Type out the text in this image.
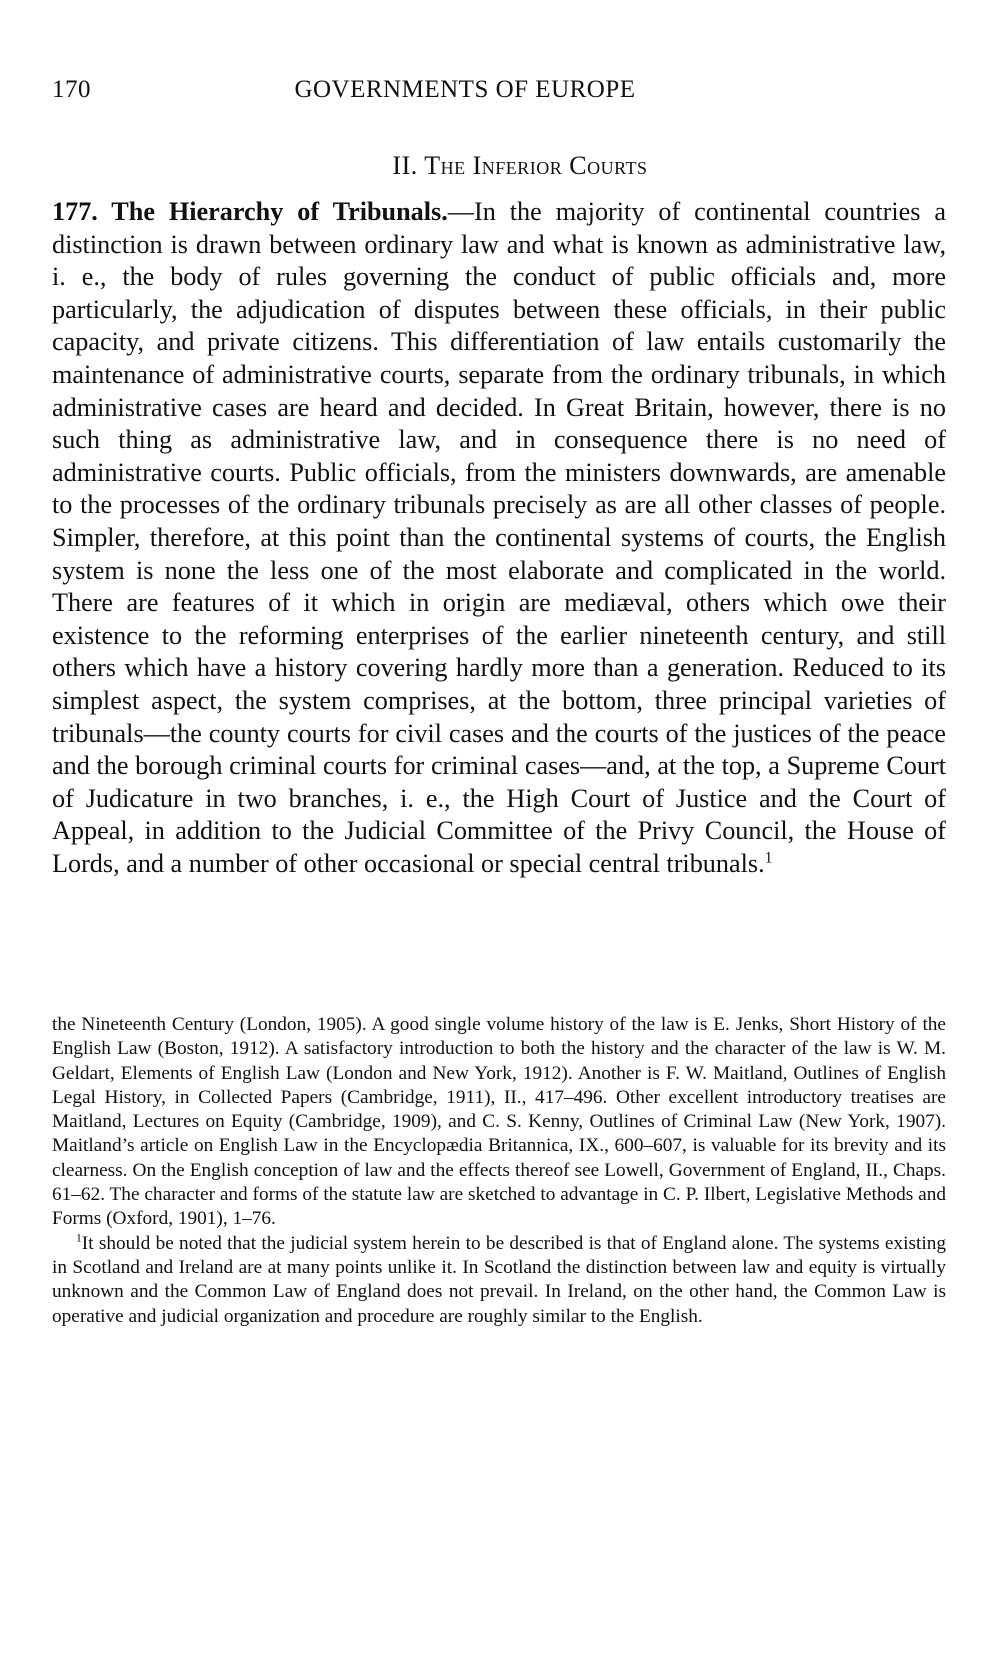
170	GOVERNMENTS OF EUROPE
II. The Inferior Courts

177. The Hierarchy of Tribunals.—In the majority of continental countries a distinction is drawn between ordinary law and what is known as administrative law, i. e., the body of rules governing the conduct of public officials and, more particularly, the adjudication of disputes between these officials, in their public capacity, and private citizens. This differentiation of law entails customarily the maintenance of administrative courts, separate from the ordinary tribunals, in which administrative cases are heard and decided. In Great Britain, however, there is no such thing as administrative law, and in consequence there is no need of administrative courts. Public officials, from the ministers downwards, are amenable to the processes of the ordinary tribunals precisely as are all other classes of people. Simpler, therefore, at this point than the continental systems of courts, the English system is none the less one of the most elaborate and complicated in the world. There are features of it which in origin are mediæval, others which owe their existence to the reforming enterprises of the earlier nineteenth century, and still others which have a history covering hardly more than a generation. Reduced to its simplest aspect, the system comprises, at the bottom, three principal varieties of tribunals—the county courts for civil cases and the courts of the justices of the peace and the borough criminal courts for criminal cases—and, at the top, a Supreme Court of Judicature in two branches, i. e., the High Court of Justice and the Court of Appeal, in addition to the Judicial Committee of the Privy Council, the House of Lords, and a number of other occasional or special central tribunals.$^1$

the Nineteenth Century (London, 1905). A good single volume history of the law is E. Jenks, Short History of the English Law (Boston, 1912). A satisfactory introduction to both the history and the character of the law is W. M. Geldart, Elements of English Law (London and New York, 1912). Another is F. W. Maitland, Outlines of English Legal History, in Collected Papers (Cambridge, 1911), II., 417–496. Other excellent introductory treatises are Maitland, Lectures on Equity (Cambridge, 1909), and C. S. Kenny, Outlines of Criminal Law (New York, 1907). Maitland’s article on English Law in the Encyclopædia Britannica, IX., 600–607, is valuable for its brevity and its clearness. On the English conception of law and the effects thereof see Lowell, Government of England, II., Chaps. 61–62. The character and forms of the statute law are sketched to advantage in C. P. Ilbert, Legislative Methods and Forms (Oxford, 1901), 1–76.

$^1$It should be noted that the judicial system herein to be described is that of England alone. The systems existing in Scotland and Ireland are at many points unlike it. In Scotland the distinction between law and equity is virtually unknown and the Common Law of England does not prevail. In Ireland, on the other hand, the Common Law is operative and judicial organization and procedure are roughly similar to the English.
